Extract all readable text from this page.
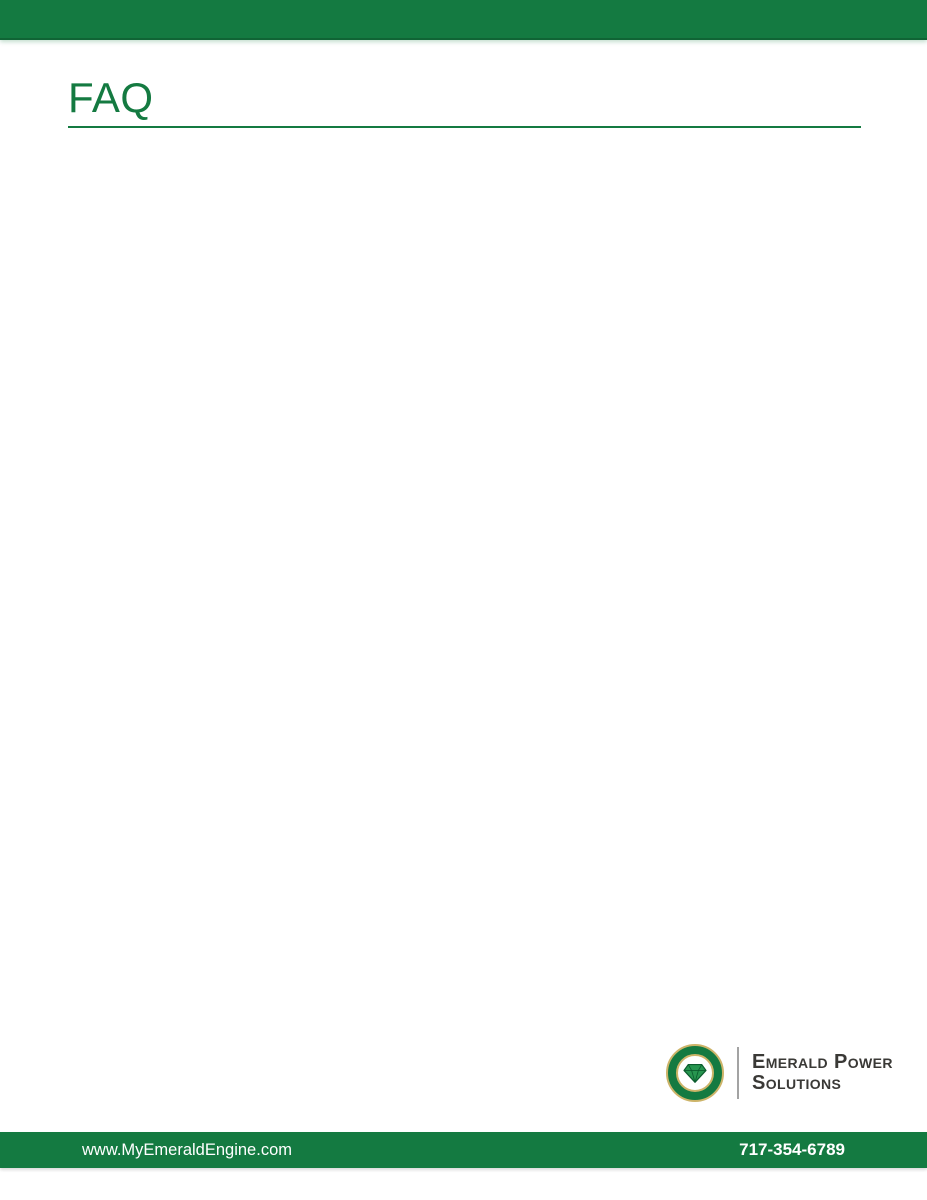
FAQ
Emerald Power
Solutions
www.MyEmeraldEngine.com	717-354-6789
